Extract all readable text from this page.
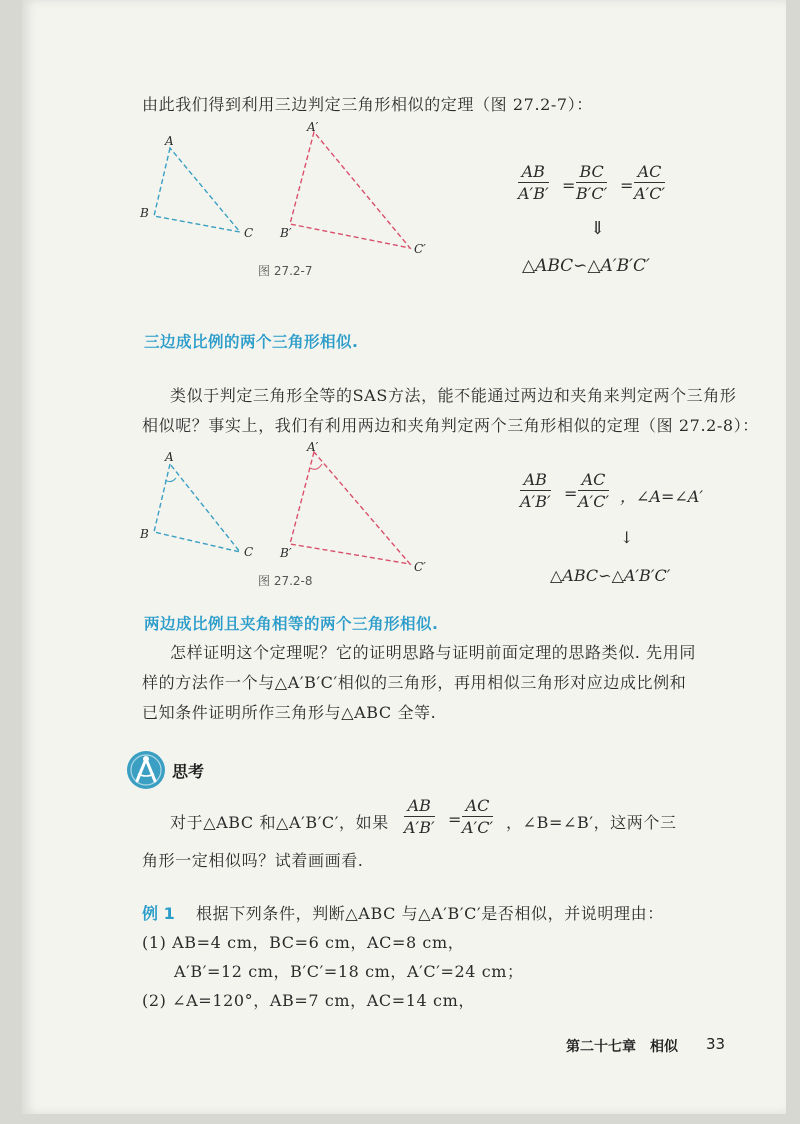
由此我们得到利用三边判定三角形相似的定理（图 27.2-7）：
A
B
C
A′
B′
C′
图 27.2-7
$\frac{AB}{A'B'} = \frac{BC}{B'C'} = \frac{AC}{A'C'}$
⇓
△ABC∽△A′B′C′
三边成比例的两个三角形相似.
类似于判定三角形全等的SAS方法，能不能通过两边和夹角来判定两个三角形
相似呢？事实上，我们有利用两边和夹角判定两个三角形相似的定理（图 27.2-8）：
A
B
C
A′
B′
C′
图 27.2-8
$\frac{AB}{A'B'} = \frac{AC}{A'C'}$ ，∠A=∠A′
↓
△ABC∽△A′B′C′
两边成比例且夹角相等的两个三角形相似.
怎样证明这个定理呢？它的证明思路与证明前面定理的思路类似. 先用同
样的方法作一个与△A′B′C′相似的三角形，再用相似三角形对应边成比例和
已知条件证明所作三角形与△ABC 全等.
思考
对于△ABC 和△A′B′C′，如果 $\frac{AB}{A'B'} = \frac{AC}{A'C'}$ ，∠B=∠B′，这两个三
角形一定相似吗？试着画画看.
例 1 根据下列条件，判断△ABC 与△A′B′C′是否相似，并说明理由：
(1) AB=4 cm，BC=6 cm，AC=8 cm，
A′B′=12 cm，B′C′=18 cm，A′C′=24 cm；
(2) ∠A=120°，AB=7 cm，AC=14 cm，
第二十七章 相似 33
